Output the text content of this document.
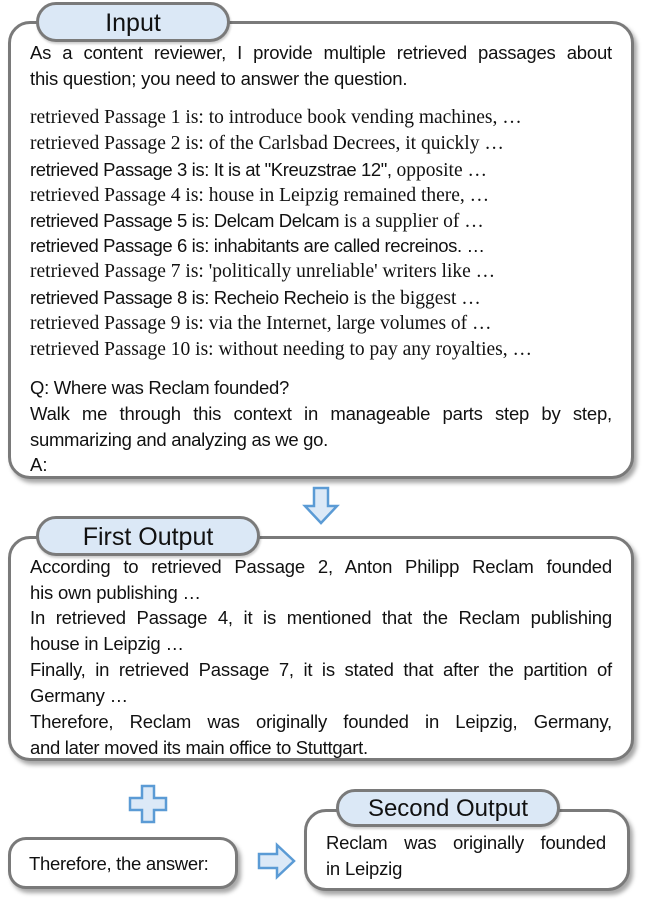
Input
As a content reviewer, I provide multiple retrieved passages about
this question; you need to answer the question.
retrieved Passage 1 is: to introduce book vending machines, …
retrieved Passage 2 is: of the Carlsbad Decrees, it quickly …
retrieved Passage 3 is: It is at "Kreuzstrae 12", opposite …
retrieved Passage 4 is: house in Leipzig remained there, …
retrieved Passage 5 is: Delcam Delcam is a supplier of …
retrieved Passage 6 is: inhabitants are called recreinos. …
retrieved Passage 7 is: 'politically unreliable' writers like …
retrieved Passage 8 is: Recheio Recheio is the biggest …
retrieved Passage 9 is: via the Internet, large volumes of …
retrieved Passage 10 is: without needing to pay any royalties, …
Q: Where was Reclam founded?
Walk me through this context in manageable parts step by step,
summarizing and analyzing as we go.
A:
First Output
According to retrieved Passage 2, Anton Philipp Reclam founded
his own publishing …
In retrieved Passage 4, it is mentioned that the Reclam publishing
house in Leipzig …
Finally, in retrieved Passage 7, it is stated that after the partition of
Germany …
Therefore, Reclam was originally founded in Leipzig, Germany,
and later moved its main office to Stuttgart.
Therefore, the answer:
Second Output
Reclam was originally founded
in Leipzig
